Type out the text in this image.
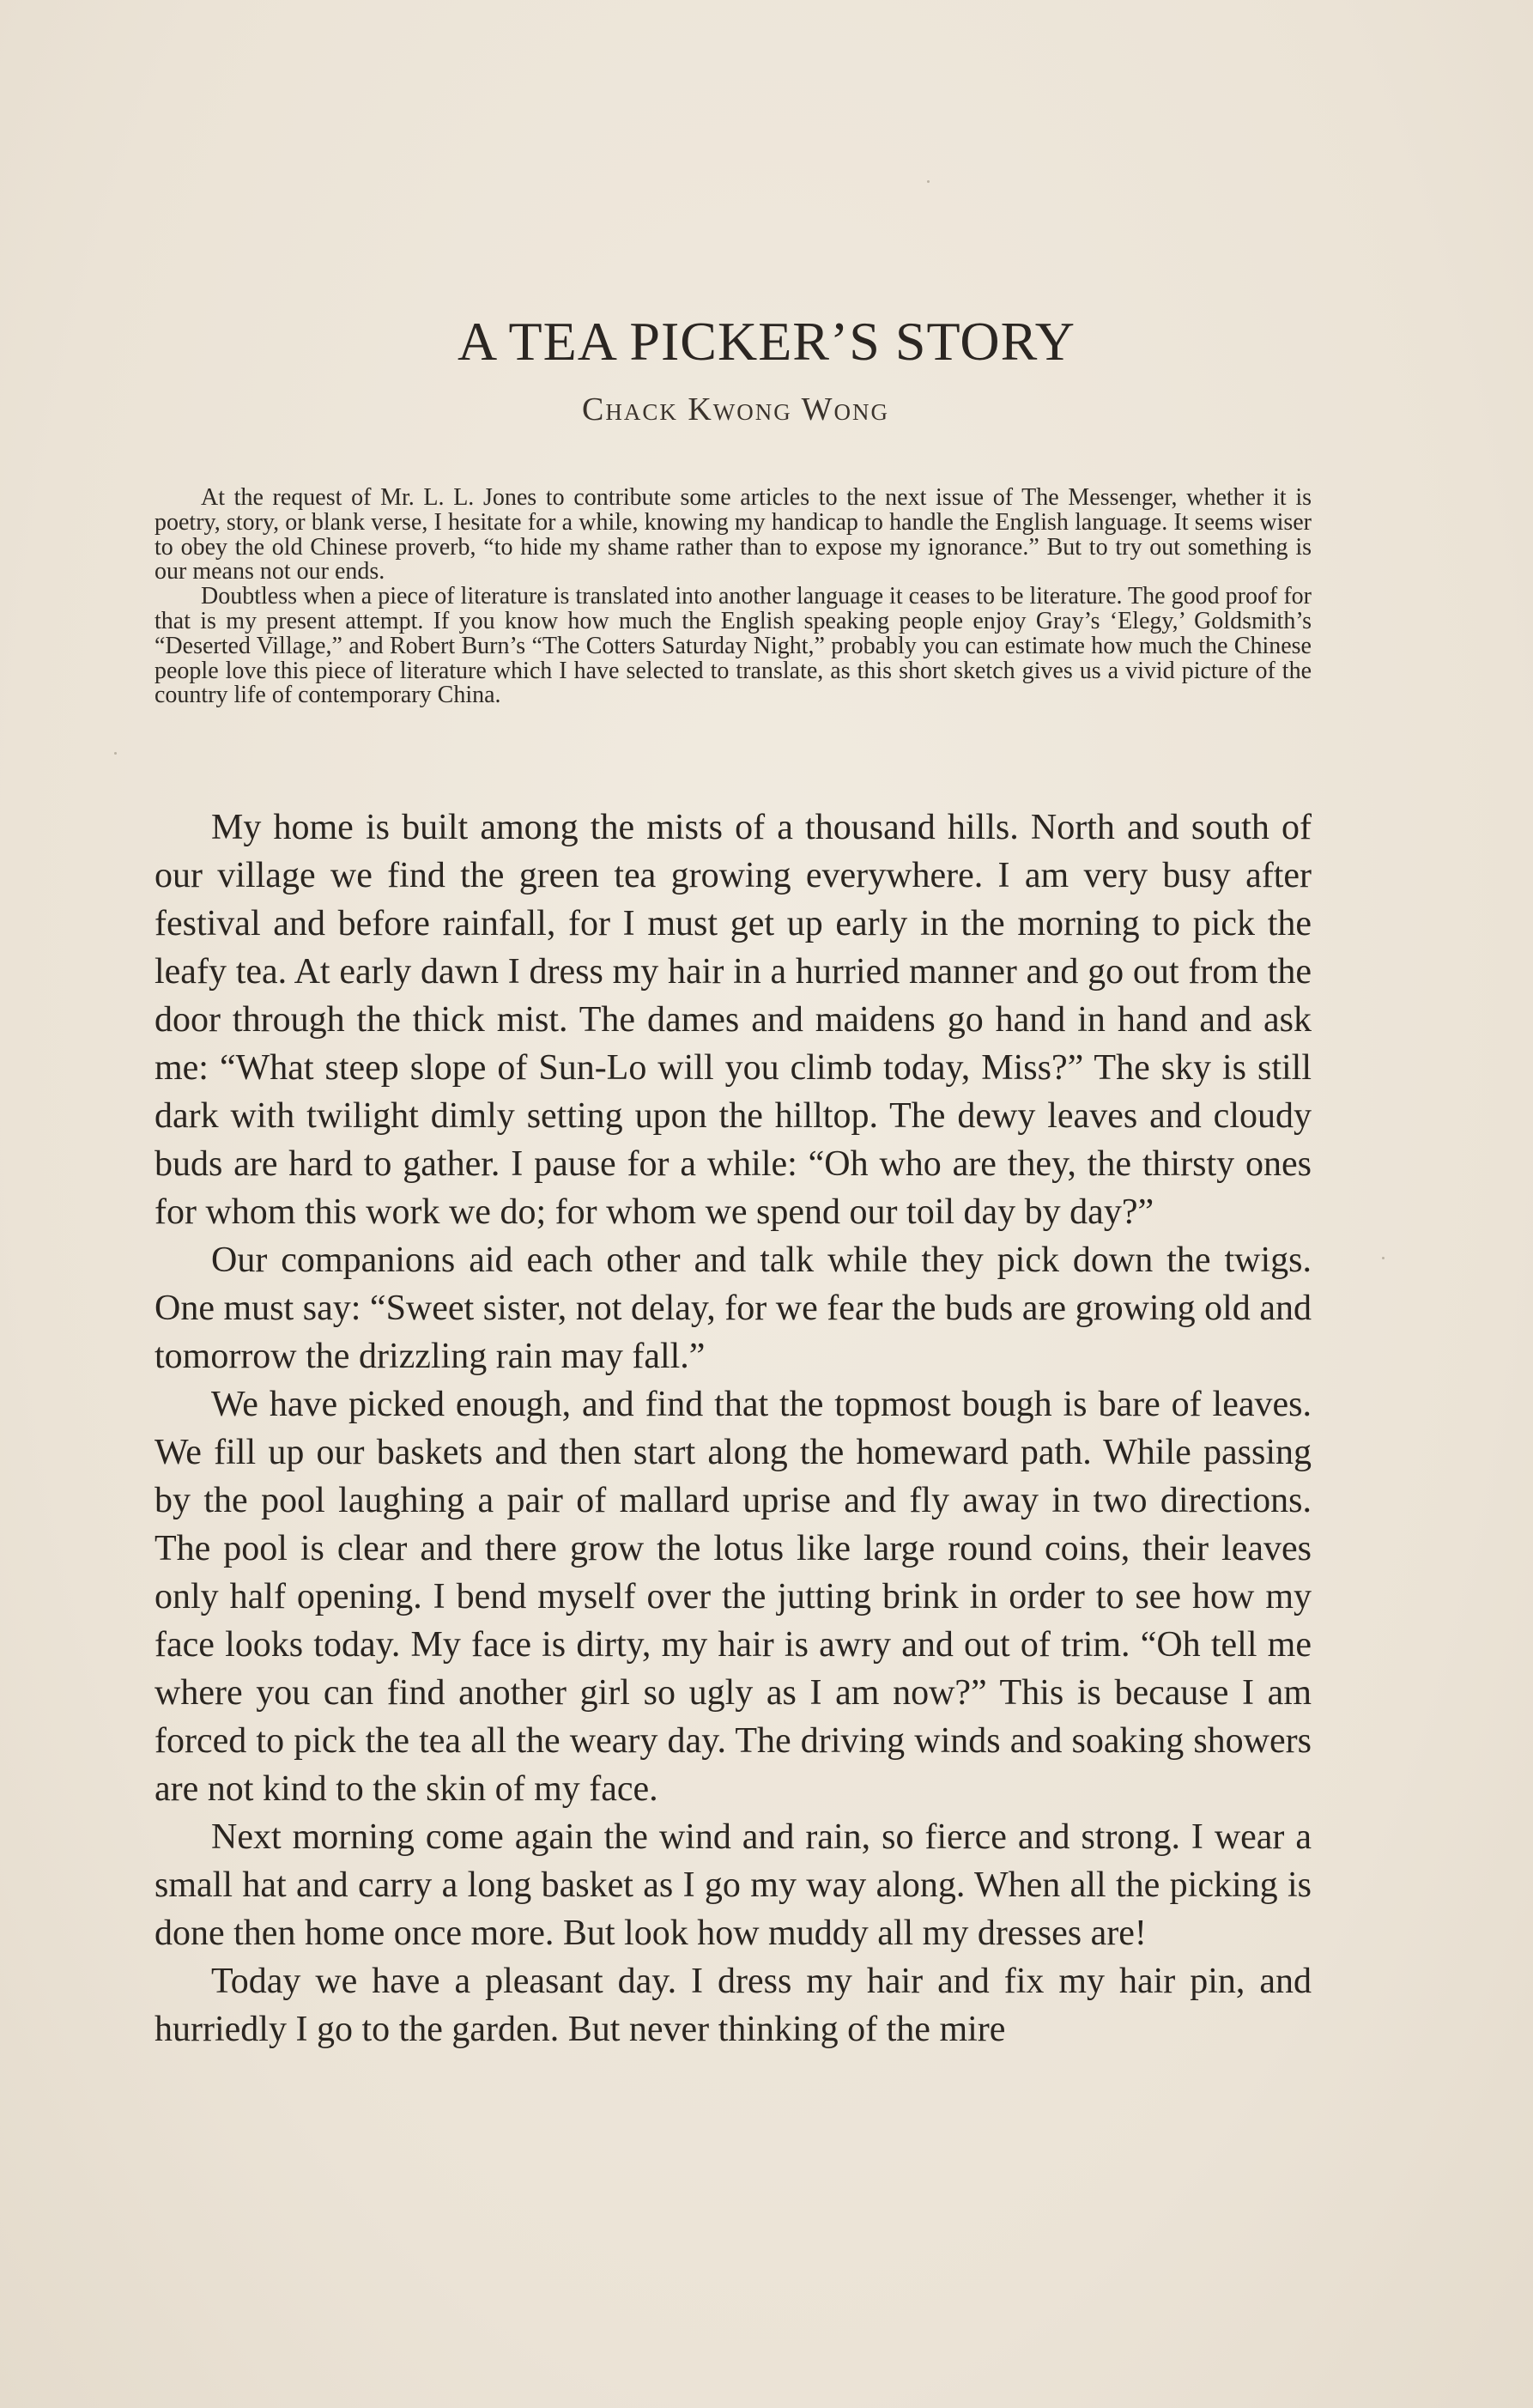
A TEA PICKER’S STORY
Chack Kwong Wong

At the request of Mr. L. L. Jones to contribute some articles to the next issue of The Messenger, whether it is poetry, story, or blank verse, I hesitate for a while, knowing my handicap to handle the English language. It seems wiser to obey the old Chinese proverb, “to hide my shame rather than to expose my ignorance.” But to try out something is our means not our ends.

Doubtless when a piece of literature is translated into another language it ceases to be literature. The good proof for that is my present attempt. If you know how much the English speaking people enjoy Gray’s ‘Elegy,’ Goldsmith’s “Deserted Village,” and Robert Burn’s “The Cotters Saturday Night,” probably you can estimate how much the Chinese people love this piece of literature which I have selected to translate, as this short sketch gives us a vivid picture of the country life of contemporary China.

My home is built among the mists of a thousand hills. North and south of our village we find the green tea growing everywhere. I am very busy after festival and before rainfall, for I must get up early in the morning to pick the leafy tea. At early dawn I dress my hair in a hurried manner and go out from the door through the thick mist. The dames and maidens go hand in hand and ask me: “What steep slope of Sun-Lo will you climb today, Miss?” The sky is still dark with twilight dimly setting upon the hilltop. The dewy leaves and cloudy buds are hard to gather. I pause for a while: “Oh who are they, the thirsty ones for whom this work we do; for whom we spend our toil day by day?”

Our companions aid each other and talk while they pick down the twigs. One must say: “Sweet sister, not delay, for we fear the buds are growing old and tomorrow the drizzling rain may fall.”

We have picked enough, and find that the topmost bough is bare of leaves. We fill up our baskets and then start along the homeward path. While passing by the pool laughing a pair of mallard uprise and fly away in two directions. The pool is clear and there grow the lotus like large round coins, their leaves only half opening. I bend myself over the jutting brink in order to see how my face looks today. My face is dirty, my hair is awry and out of trim. “Oh tell me where you can find another girl so ugly as I am now?” This is because I am forced to pick the tea all the weary day. The driving winds and soaking showers are not kind to the skin of my face.

Next morning come again the wind and rain, so fierce and strong. I wear a small hat and carry a long basket as I go my way along. When all the picking is done then home once more. But look how muddy all my dresses are!

Today we have a pleasant day. I dress my hair and fix my hair pin, and hurriedly I go to the garden. But never thinking of the mire
